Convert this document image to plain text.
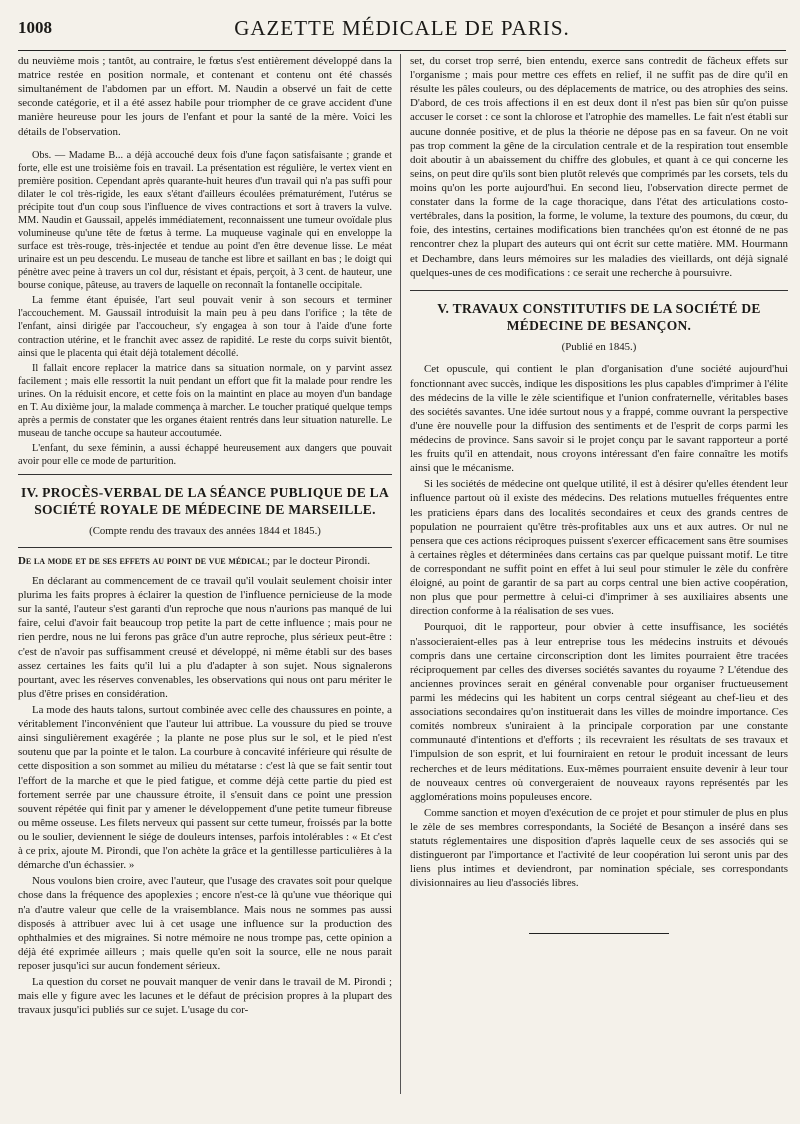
1008	GAZETTE MÉDICALE DE PARIS.

du neuvième mois ; tantôt, au contraire, le fœtus s'est entièrement développé dans la matrice restée en position normale, et contenant et contenu ont été chassés simultanément de l'abdomen par un effort. M. Naudin a observé un fait de cette seconde catégorie, et il a été assez habile pour triompher de ce grave accident d'une manière heureuse pour les jours de l'enfant et pour la santé de la mère. Voici les détails de l'observation.

Obs. — Madame B... a déjà accouché deux fois d'une façon satisfaisante ; grande et forte, elle est une troisième fois en travail. La présentation est régulière, le vertex vient en première position. Cependant après quarante-huit heures d'un travail qui n'a pas suffi pour dilater le col très-rigide, les eaux s'étant d'ailleurs écoulées prématurément, l'utérus se précipite tout d'un coup sous l'influence de vives contractions et sort à travers la vulve. MM. Naudin et Gaussail, appelés immédiatement, reconnaissent une tumeur ovoïdale plus volumineuse qu'une tête de fœtus à terme. La muqueuse vaginale qui en enveloppe la surface est très-rouge, très-injectée et tendue au point d'en être devenue lisse. Le méat urinaire est un peu descendu. Le museau de tanche est libre et saillant en bas ; le doigt qui pénètre avec peine à travers un col dur, résistant et épais, perçoit, à 3 cent. de hauteur, une bourse conique, pâteuse, au travers de laquelle on reconnaît la fontanelle occipitale.

La femme étant épuisée, l'art seul pouvait venir à son secours et terminer l'accouchement. M. Gaussail introduisit la main peu à peu dans l'orifice ; la tête de l'enfant, ainsi dirigée par l'accoucheur, s'y engagea à son tour à l'aide d'une forte contraction utérine, et le franchit avec assez de rapidité. Le reste du corps suivit bientôt, ainsi que le placenta qui était déjà totalement décollé.

Il fallait encore replacer la matrice dans sa situation normale, on y parvint assez facilement ; mais elle ressortit la nuit pendant un effort que fit la malade pour rendre les urines. On la réduisit encore, et cette fois on la maintint en place au moyen d'un bandage en T. Au dixième jour, la malade commença à marcher. Le toucher pratiqué quelque temps après a permis de constater que les organes étaient rentrés dans leur situation naturelle. Le museau de tanche occupe sa hauteur accoutumée.

L'enfant, du sexe féminin, a aussi échappé heureusement aux dangers que pouvait avoir pour elle ce mode de parturition.

IV. PROCÈS-VERBAL DE LA SÉANCE PUBLIQUE DE LA SOCIÉTÉ ROYALE DE MÉDECINE DE MARSEILLE.
(Compte rendu des travaux des années 1844 et 1845.)

De la mode et de ses effets au point de vue médical; par le docteur Pirondi.

En déclarant au commencement de ce travail qu'il voulait seulement choisir inter plurima les faits propres à éclairer la question de l'influence pernicieuse de la mode sur la santé, l'auteur s'est garanti d'un reproche que nous n'aurions pas manqué de lui faire, celui d'avoir fait beaucoup trop petite la part de cette influence ; mais pour ne rien perdre, nous ne lui ferons pas grâce d'un autre reproche, plus sérieux peut-être : c'est de n'avoir pas suffisamment creusé et développé, ni même établi sur des bases assez certaines les faits qu'il lui a plu d'adapter à son sujet. Nous signalerons pourtant, avec les réserves convenables, les observations qui nous ont paru mériter le plus d'être prises en considération.

La mode des hauts talons, surtout combinée avec celle des chaussures en pointe, a véritablement l'inconvénient que l'auteur lui attribue. La voussure du pied se trouve ainsi singulièrement exagérée ; la plante ne pose plus sur le sol, et le pied n'est soutenu que par la pointe et le talon. La courbure à concavité inférieure qui résulte de cette disposition a son sommet au milieu du métatarse : c'est là que se fait sentir tout l'effort de la marche et que le pied fatigue, et comme déjà cette partie du pied est fortement serrée par une chaussure étroite, il s'ensuit dans ce point une pression souvent répétée qui finit par y amener le développement d'une petite tumeur fibreuse ou même osseuse. Les filets nerveux qui passent sur cette tumeur, froissés par la botte ou le soulier, deviennent le siége de douleurs intenses, parfois intolérables : « Et c'est à ce prix, ajoute M. Pirondi, que l'on achète la grâce et la gentillesse particulières à la démarche d'un échassier. »

Nous voulons bien croire, avec l'auteur, que l'usage des cravates soit pour quelque chose dans la fréquence des apoplexies ; encore n'est-ce là qu'une vue théorique qui n'a d'autre valeur que celle de la vraisemblance. Mais nous ne sommes pas aussi disposés à attribuer avec lui à cet usage une influence sur la production des ophthalmies et des migraines. Si notre mémoire ne nous trompe pas, cette opinion a déjà été exprimée ailleurs ; mais quelle qu'en soit la source, elle ne nous parait reposer jusqu'ici sur aucun fondement sérieux.

La question du corset ne pouvait manquer de venir dans le travail de M. Pirondi ; mais elle y figure avec les lacunes et le défaut de précision propres à la plupart des travaux jusqu'ici publiés sur ce sujet. L'usage du cor-

set, du corset trop serré, bien entendu, exerce sans contredit de fâcheux effets sur l'organisme ; mais pour mettre ces effets en relief, il ne suffit pas de dire qu'il en résulte les pâles couleurs, ou des déplacements de matrice, ou des atrophies des seins. D'abord, de ces trois affections il en est deux dont il n'est pas bien sûr qu'on puisse accuser le corset : ce sont la chlorose et l'atrophie des mamelles. Le fait n'est établi sur aucune donnée positive, et de plus la théorie ne dépose pas en sa faveur. On ne voit pas trop comment la gêne de la circulation centrale et de la respiration tout ensemble doit aboutir à un abaissement du chiffre des globules, et quant à ce qui concerne les seins, on peut dire qu'ils sont bien plutôt relevés que comprimés par les corsets, tels du moins qu'on les porte aujourd'hui. En second lieu, l'observation directe permet de constater dans la forme de la cage thoracique, dans l'état des articulations costo-vertébrales, dans la position, la forme, le volume, la texture des poumons, du cœur, du foie, des intestins, certaines modifications bien tranchées qu'on est étonné de ne pas rencontrer chez la plupart des auteurs qui ont écrit sur cette matière. MM. Hourmann et Dechambre, dans leurs mémoires sur les maladies des vieillards, ont déjà signalé quelques-unes de ces modifications : ce serait une recherche à poursuivre.

V. TRAVAUX CONSTITUTIFS DE LA SOCIÉTÉ DE MÉDECINE DE BESANÇON.
(Publié en 1845.)

Cet opuscule, qui contient le plan d'organisation d'une société aujourd'hui fonctionnant avec succès, indique les dispositions les plus capables d'imprimer à l'élite des médecins de la ville le zèle scientifique et l'union confraternelle, véritables bases des sociétés savantes. Une idée surtout nous y a frappé, comme ouvrant la perspective d'une ère nouvelle pour la diffusion des sentiments et de l'esprit de corps parmi les médecins de province. Sans savoir si le projet conçu par le savant rapporteur a porté les fruits qu'il en attendait, nous croyons intéressant d'en faire connaître les motifs ainsi que le mécanisme.

Si les sociétés de médecine ont quelque utilité, il est à désirer qu'elles étendent leur influence partout où il existe des médecins. Des relations mutuelles fréquentes entre les praticiens épars dans des localités secondaires et ceux des grands centres de population ne pourraient qu'être très-profitables aux uns et aux autres. Or nul ne pensera que ces actions réciproques puissent s'exercer efficacement sans être soumises à certaines règles et déterminées dans certains cas par quelque puissant motif. Le titre de correspondant ne suffit point en effet à lui seul pour stimuler le zèle du confrère éloigné, au point de garantir de sa part au corps central une bien active coopération, non plus que pour permettre à celui-ci d'imprimer à ses auxiliaires absents une direction conforme à la réalisation de ses vues.

Pourquoi, dit le rapporteur, pour obvier à cette insuffisance, les sociétés n'associeraient-elles pas à leur entreprise tous les médecins instruits et dévoués compris dans une certaine circonscription dont les limites pourraient être tracées réciproquement par celles des diverses sociétés savantes du royaume ? L'étendue des anciennes provinces serait en général convenable pour organiser fructueusement parmi les médecins qui les habitent un corps central siégeant au chef-lieu et des associations secondaires qu'on instituerait dans les villes de moindre importance. Ces comités nombreux s'uniraient à la principale corporation par une constante communauté d'intentions et d'efforts ; ils recevraient les résultats de ses travaux et l'impulsion de son esprit, et lui fourniraient en retour le produit incessant de leurs recherches et de leurs méditations. Eux-mêmes pourraient ensuite devenir à leur tour de nouveaux centres où convergeraient de nouveaux rayons représentés par les agglomérations moins populeuses encore.

Comme sanction et moyen d'exécution de ce projet et pour stimuler de plus en plus le zèle de ses membres correspondants, la Société de Besançon a inséré dans ses statuts réglementaires une disposition d'après laquelle ceux de ses associés qui se distingueront par l'importance et l'activité de leur coopération lui seront unis par des liens plus intimes et deviendront, par nomination spéciale, ses correspondants divisionnaires au lieu d'associés libres.
